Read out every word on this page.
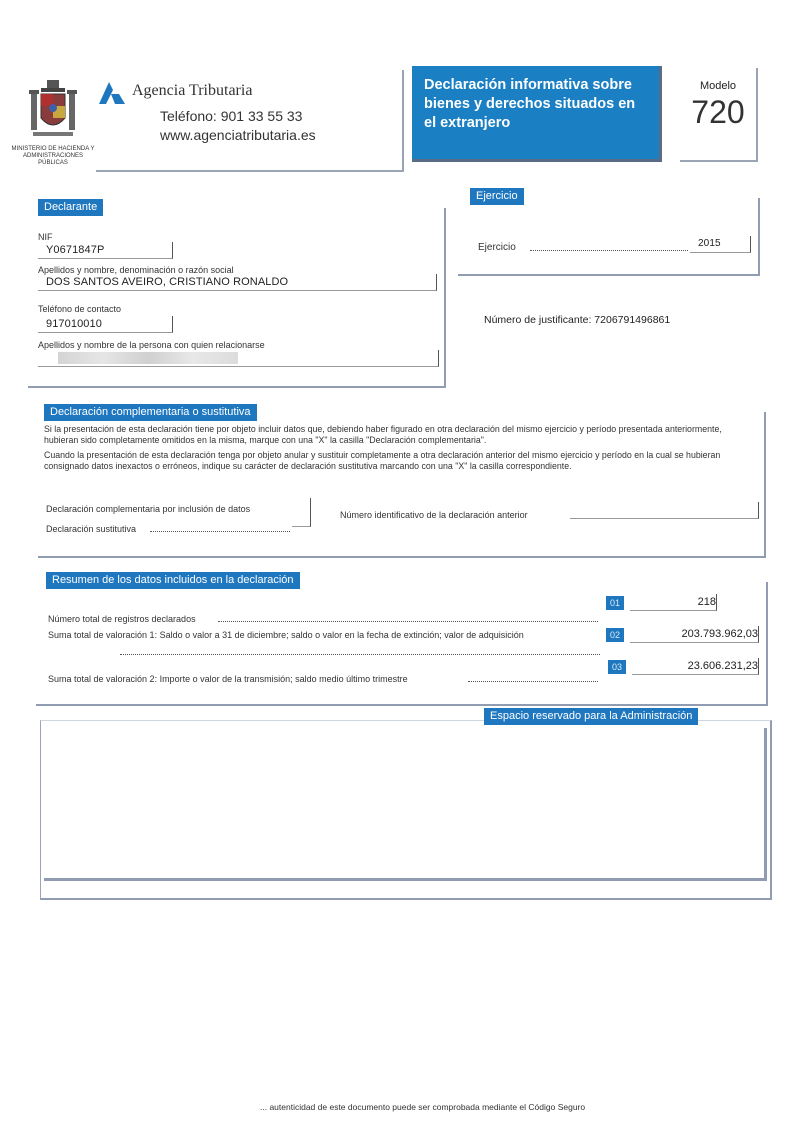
MINISTERIO DE HACIENDA Y ADMINISTRACIONES PÚBLICAS
Agencia Tributaria
Teléfono: 901 33 55 33
www.agenciatributaria.es
Declaración informativa sobre bienes y derechos situados en el extranjero
Modelo
720
Declarante
NIF
Y0671847P
Apellidos y nombre, denominación o razón social
DOS SANTOS AVEIRO, CRISTIANO RONALDO
Teléfono de contacto
917010010
Apellidos y nombre de la persona con quien relacionarse
Ejercicio
Ejercicio	2015
Número de justificante: 7206791496861
Declaración complementaria o sustitutiva
Si la presentación de esta declaración tiene por objeto incluir datos que, debiendo haber figurado en otra declaración del mismo ejercicio y período presentada anteriormente, hubieran sido completamente omitidos en la misma, marque con una "X" la casilla "Declaración complementaria".
Cuando la presentación de esta declaración tenga por objeto anular y sustituir completamente a otra declaración anterior del mismo ejercicio y período en la cual se hubieran consignado datos inexactos o erróneos, indique su carácter de declaración sustitutiva marcando con una "X" la casilla correspondiente.
Declaración complementaria por inclusión de datos
Declaración sustitutiva
Número identificativo de la declaración anterior
Resumen de los datos incluidos en la declaración
Número total de registros declarados
01	218
Suma total de valoración 1: Saldo o valor a 31 de diciembre; saldo o valor en la fecha de extinción; valor de adquisición	02	203.793.962,03
Suma total de valoración 2: Importe o valor de la transmisión; saldo medio último trimestre
03	23.606.231,23
Espacio reservado para la Administración
... autenticidad de este documento puede ser comprobada mediante el Código Seguro
